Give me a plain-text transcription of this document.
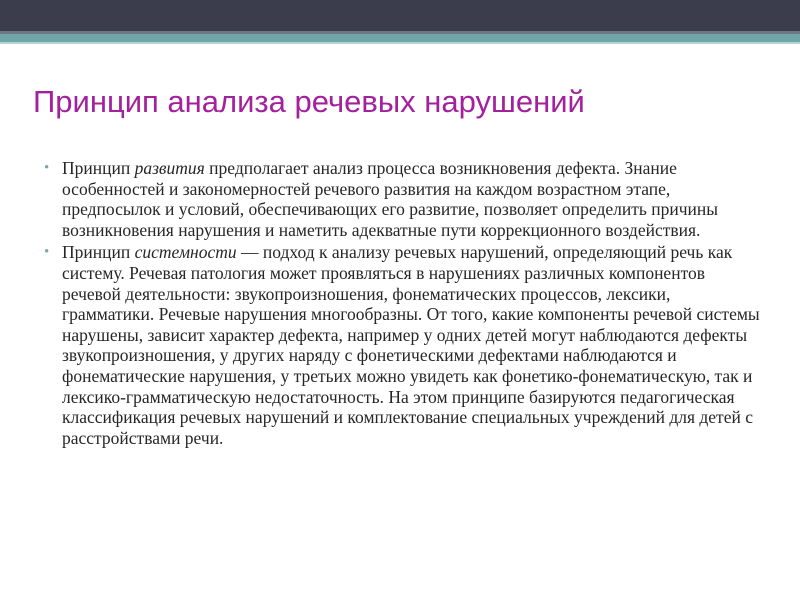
Принцип анализа речевых нарушений
• Принцип развития предполагает анализ процесса возникновения дефекта. Знание особенностей и закономерностей речевого развития на каждом возрастном этапе, предпосылок и условий, обеспечивающих его развитие, позволяет определить причины возникновения нарушения и наметить адекватные пути коррекционного воздействия.
• Принцип системности — подход к анализу речевых нарушений, определяющий речь как систему. Речевая патология может проявляться в нарушениях различных компонентов речевой деятельности: звукопроизношения, фонематических процессов, лексики, грамматики. Речевые нарушения многообразны. От того, какие компоненты речевой системы нарушены, зависит характер дефекта, например у одних детей могут наблюдаются дефекты звукопроизношения, у других наряду с фонетическими дефектами наблюдаются и фонематические нарушения, у третьих можно увидеть как фонетико-фонематическую, так и лексико-грамматическую недостаточность. На этом принципе базируются педагогическая классификация речевых нарушений и комплектование специальных учреждений для детей с расстройствами речи.
